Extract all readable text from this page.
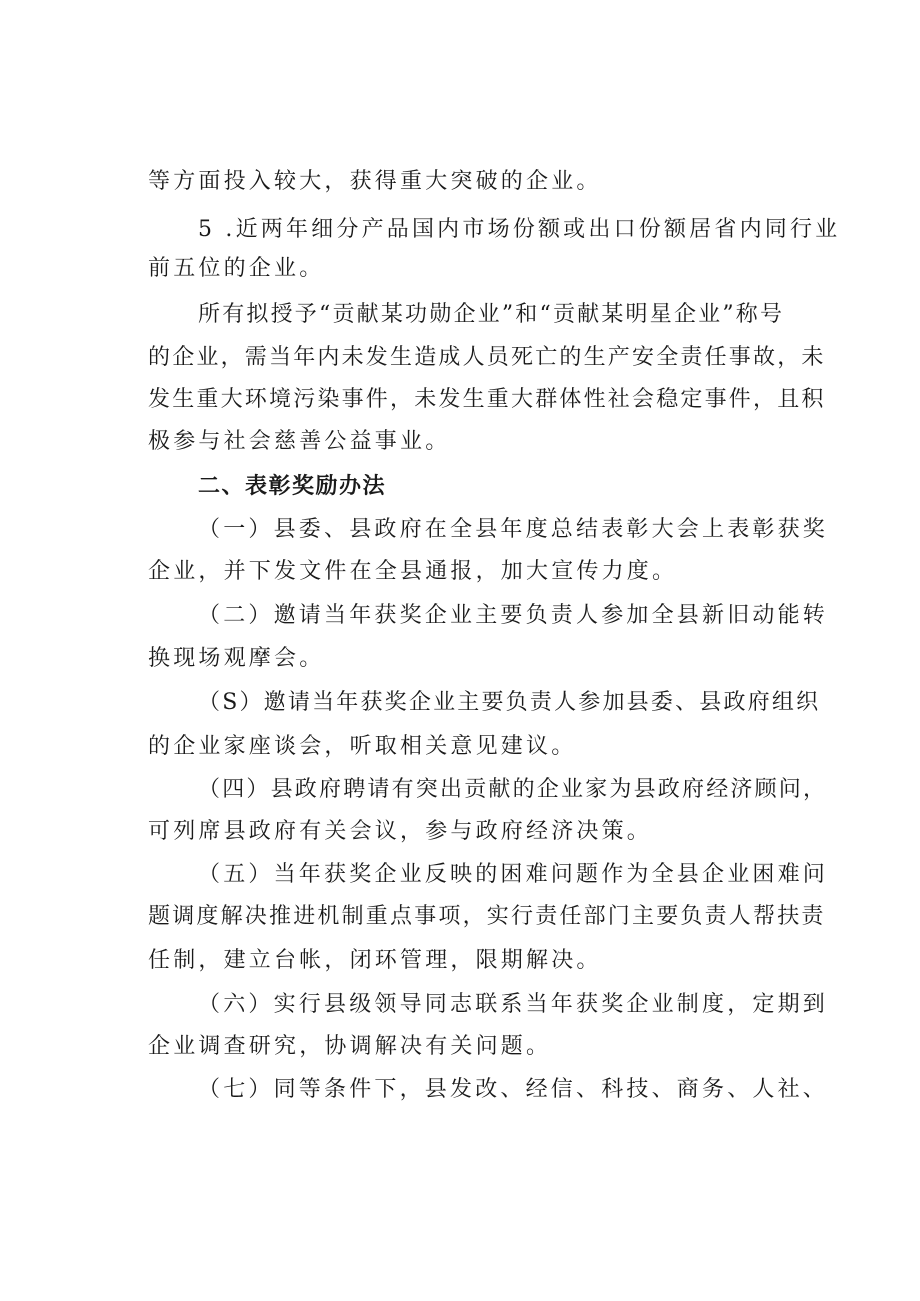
等方面投入较大，获得重大突破的企业。
5 .近两年细分产品国内市场份额或出口份额居省内同行业
前五位的企业。
所有拟授予“贡献某功勋企业”和“贡献某明星企业”称号
的企业，需当年内未发生造成人员死亡的生产安全责任事故，未
发生重大环境污染事件，未发生重大群体性社会稳定事件，且积
极参与社会慈善公益事业。
二、表彰奖励办法
（一）县委、县政府在全县年度总结表彰大会上表彰获奖
企业，并下发文件在全县通报，加大宣传力度。
（二）邀请当年获奖企业主要负责人参加全县新旧动能转
换现场观摩会。
（S）邀请当年获奖企业主要负责人参加县委、县政府组织
的企业家座谈会，听取相关意见建议。
（四）县政府聘请有突出贡献的企业家为县政府经济顾问，
可列席县政府有关会议，参与政府经济决策。
（五）当年获奖企业反映的困难问题作为全县企业困难问
题调度解决推进机制重点事项，实行责任部门主要负责人帮扶责
任制，建立台帐，闭环管理，限期解决。
（六）实行县级领导同志联系当年获奖企业制度，定期到
企业调查研究，协调解决有关问题。
（七）同等条件下，县发改、经信、科技、商务、人社、
